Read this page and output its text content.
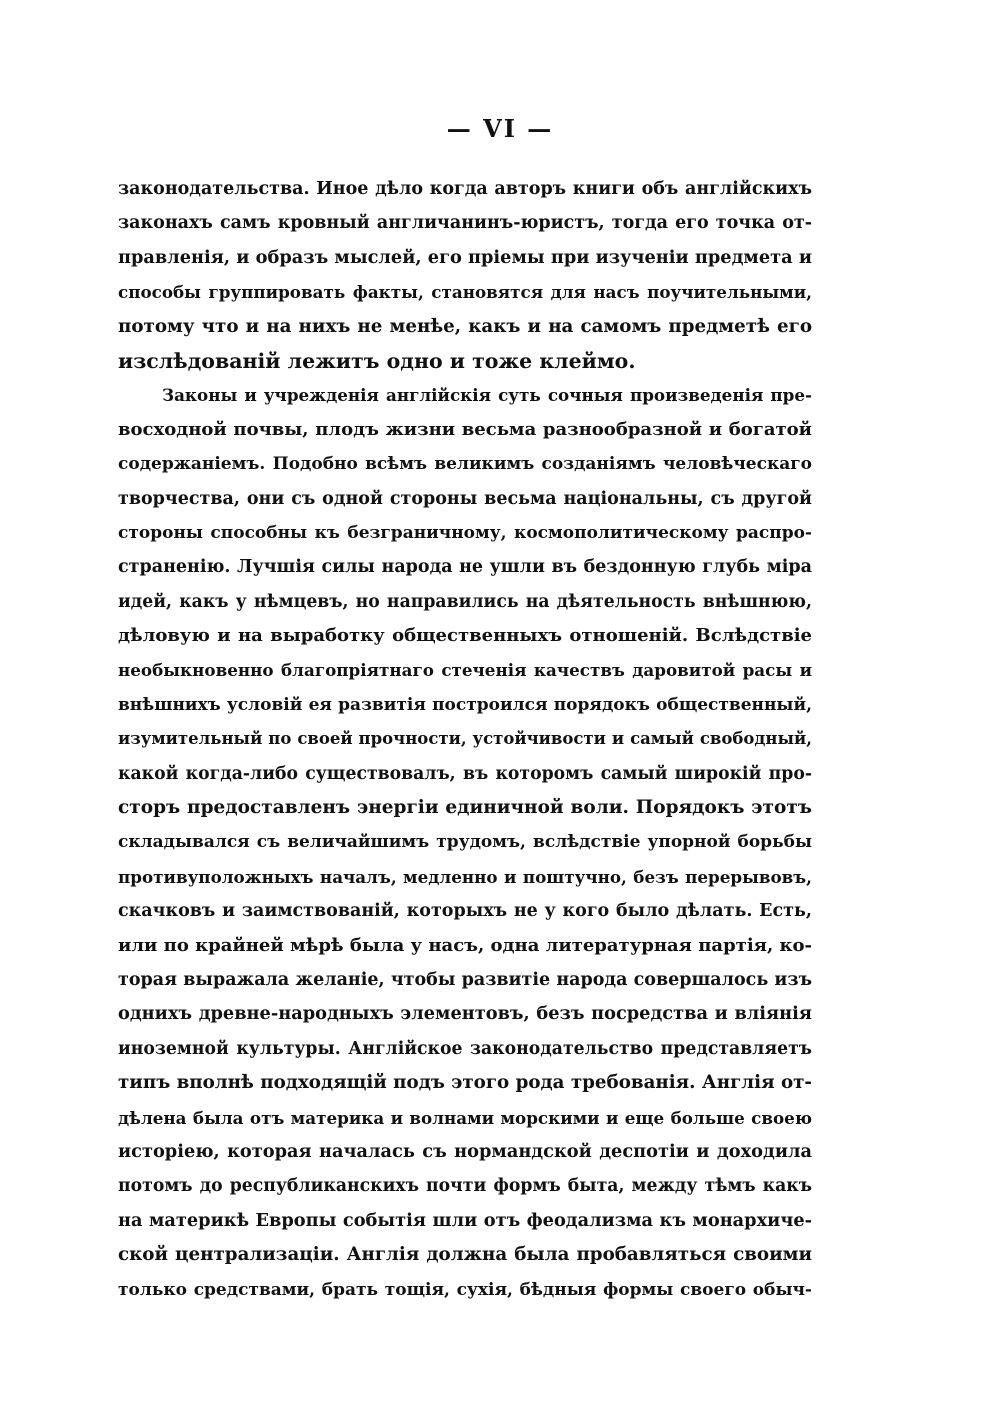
— VI —
законодательства. Иное дѣло когда авторъ книги объ англійскихъ
законахъ самъ кровный англичанинъ-юристъ, тогда его точка от-
правленія, и образъ мыслей, его пріемы при изученіи предмета и
способы группировать факты, становятся для насъ поучительными,
потому что и на нихъ не менѣе, какъ и на самомъ предметѣ его
изслѣдованій лежитъ одно и тоже клеймо.
Законы и учрежденія англійскія суть сочныя произведенія пре-
восходной почвы, плодъ жизни весьма разнообразной и богатой
содержаніемъ. Подобно всѣмъ великимъ созданіямъ человѣческаго
творчества, они съ одной стороны весьма національны, съ другой
стороны способны къ безграничному, космополитическому распро-
страненію. Лучшія силы народа не ушли въ бездонную глубь міра
идей, какъ у нѣмцевъ, но направились на дѣятельность внѣшнюю,
дѣловую и на выработку общественныхъ отношеній. Вслѣдствіе
необыкновенно благопріятнаго стеченія качествъ даровитой расы и
внѣшнихъ условій ея развитія построился порядокъ общественный,
изумительный по своей прочности, устойчивости и самый свободный,
какой когда-либо существовалъ, въ которомъ самый широкій про-
сторъ предоставленъ энергіи единичной воли. Порядокъ этотъ
складывался съ величайшимъ трудомъ, вслѣдствіе упорной борьбы
противуположныхъ началъ, медленно и поштучно, безъ перерывовъ,
скачковъ и заимствованій, которыхъ не у кого было дѣлать. Есть,
или по крайней мѣрѣ была у насъ, одна литературная партія, ко-
торая выражала желаніе, чтобы развитіе народа совершалось изъ
однихъ древне-народныхъ элементовъ, безъ посредства и вліянія
иноземной культуры. Англійское законодательство представляетъ
типъ вполнѣ подходящій подъ этого рода требованія. Англія от-
дѣлена была отъ материка и волнами морскими и еще больше своею
исторіею, которая началась съ нормандской деспотіи и доходила
потомъ до республиканскихъ почти формъ быта, между тѣмъ какъ
на материкѣ Европы событія шли отъ феодализма къ монархиче-
ской централизаціи. Англія должна была пробавляться своими
только средствами, брать тощія, сухія, бѣдныя формы своего обыч-
